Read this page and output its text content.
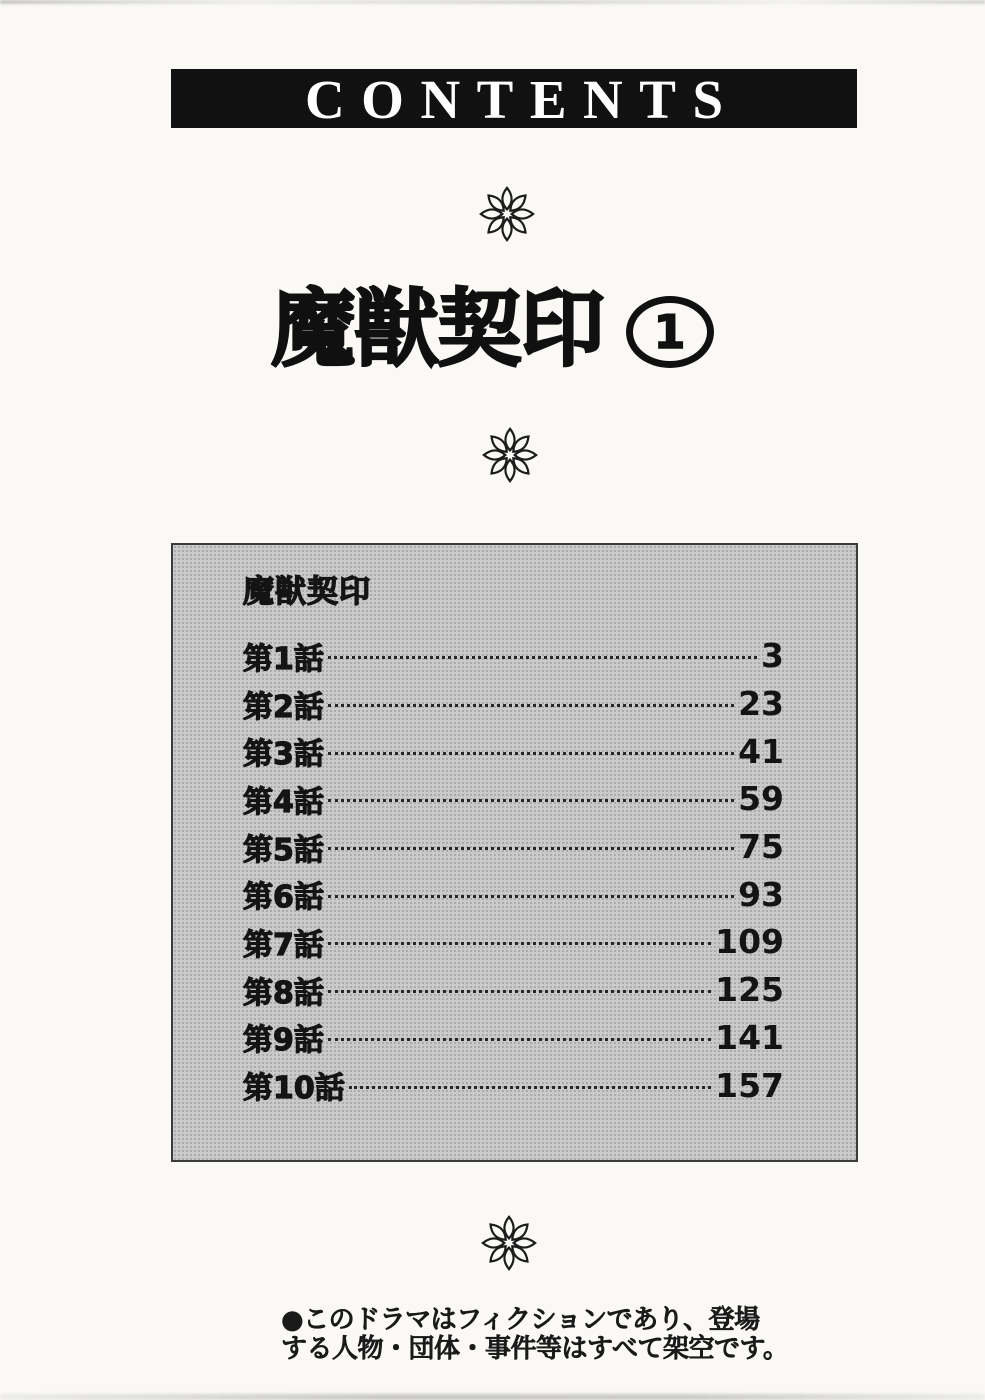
CONTENTS
魔獣契印 1
魔獣契印
第1話	3
第2話	23
第3話	41
第4話	59
第5話	75
第6話	93
第7話	109
第8話	125
第9話	141
第10話	157
●このドラマはフィクションであり、登場
する人物・団体・事件等はすべて架空です。
